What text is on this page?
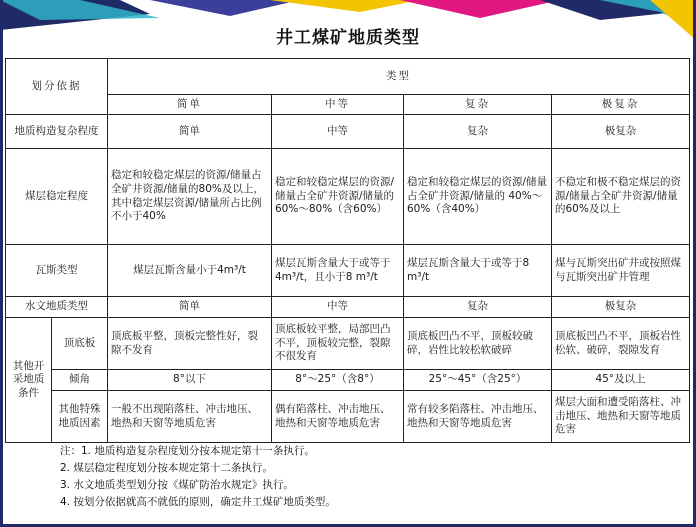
井工煤矿地质类型
划分依据		类型			
		简单	中等	复杂	极复杂
地质构造复杂程度		简单	中等	复杂	极复杂
煤层稳定程度		稳定和较稳定煤层的资源/储量占全矿井资源/储量的80%及以上，其中稳定煤层资源/储量所占比例不小于40%	稳定和较稳定煤层的资源/储量占全矿井资源/储量的60%～80%（含60%）	稳定和较稳定煤层的资源/储量占全矿井资源/储量的 40%～60%（含40%）	不稳定和极不稳定煤层的资源/储量占全矿井资源/储量的60%及以上
瓦斯类型		煤层瓦斯含量小于4m³/t	煤层瓦斯含量大于或等于4m³/t，且小于8 m³/t	煤层瓦斯含量大于或等于8 m³/t	煤与瓦斯突出矿井或按照煤与瓦斯突出矿井管理
水文地质类型		简单	中等	复杂	极复杂
其他开采地质条件	顶底板	顶底板平整，顶板完整性好，裂隙不发育	顶底板较平整，局部凹凸不平，顶板较完整，裂隙不很发育	顶底板凹凸不平，顶板较破碎，岩性比较松软破碎	顶底板凹凸不平，顶板岩性松软、破碎，裂隙发育
	倾角	8°以下	8°～25°（含8°）	25°～45°（含25°）	45°及以上
	其他特殊地质因素	一般不出现陷落柱、冲击地压、地热和天窗等地质危害	偶有陷落柱、冲击地压、地热和天窗等地质危害	常有较多陷落柱、冲击地压、地热和天窗等地质危害	煤层大面和遭受陷落柱、冲击地压、地热和天窗等地质危害
注：1. 地质构造复杂程度划分按本规定第十一条执行。
2. 煤层稳定程度划分按本规定第十二条执行。
3. 水文地质类型划分按《煤矿防治水规定》执行。
4. 按划分依据就高不就低的原则，确定井工煤矿地质类型。
